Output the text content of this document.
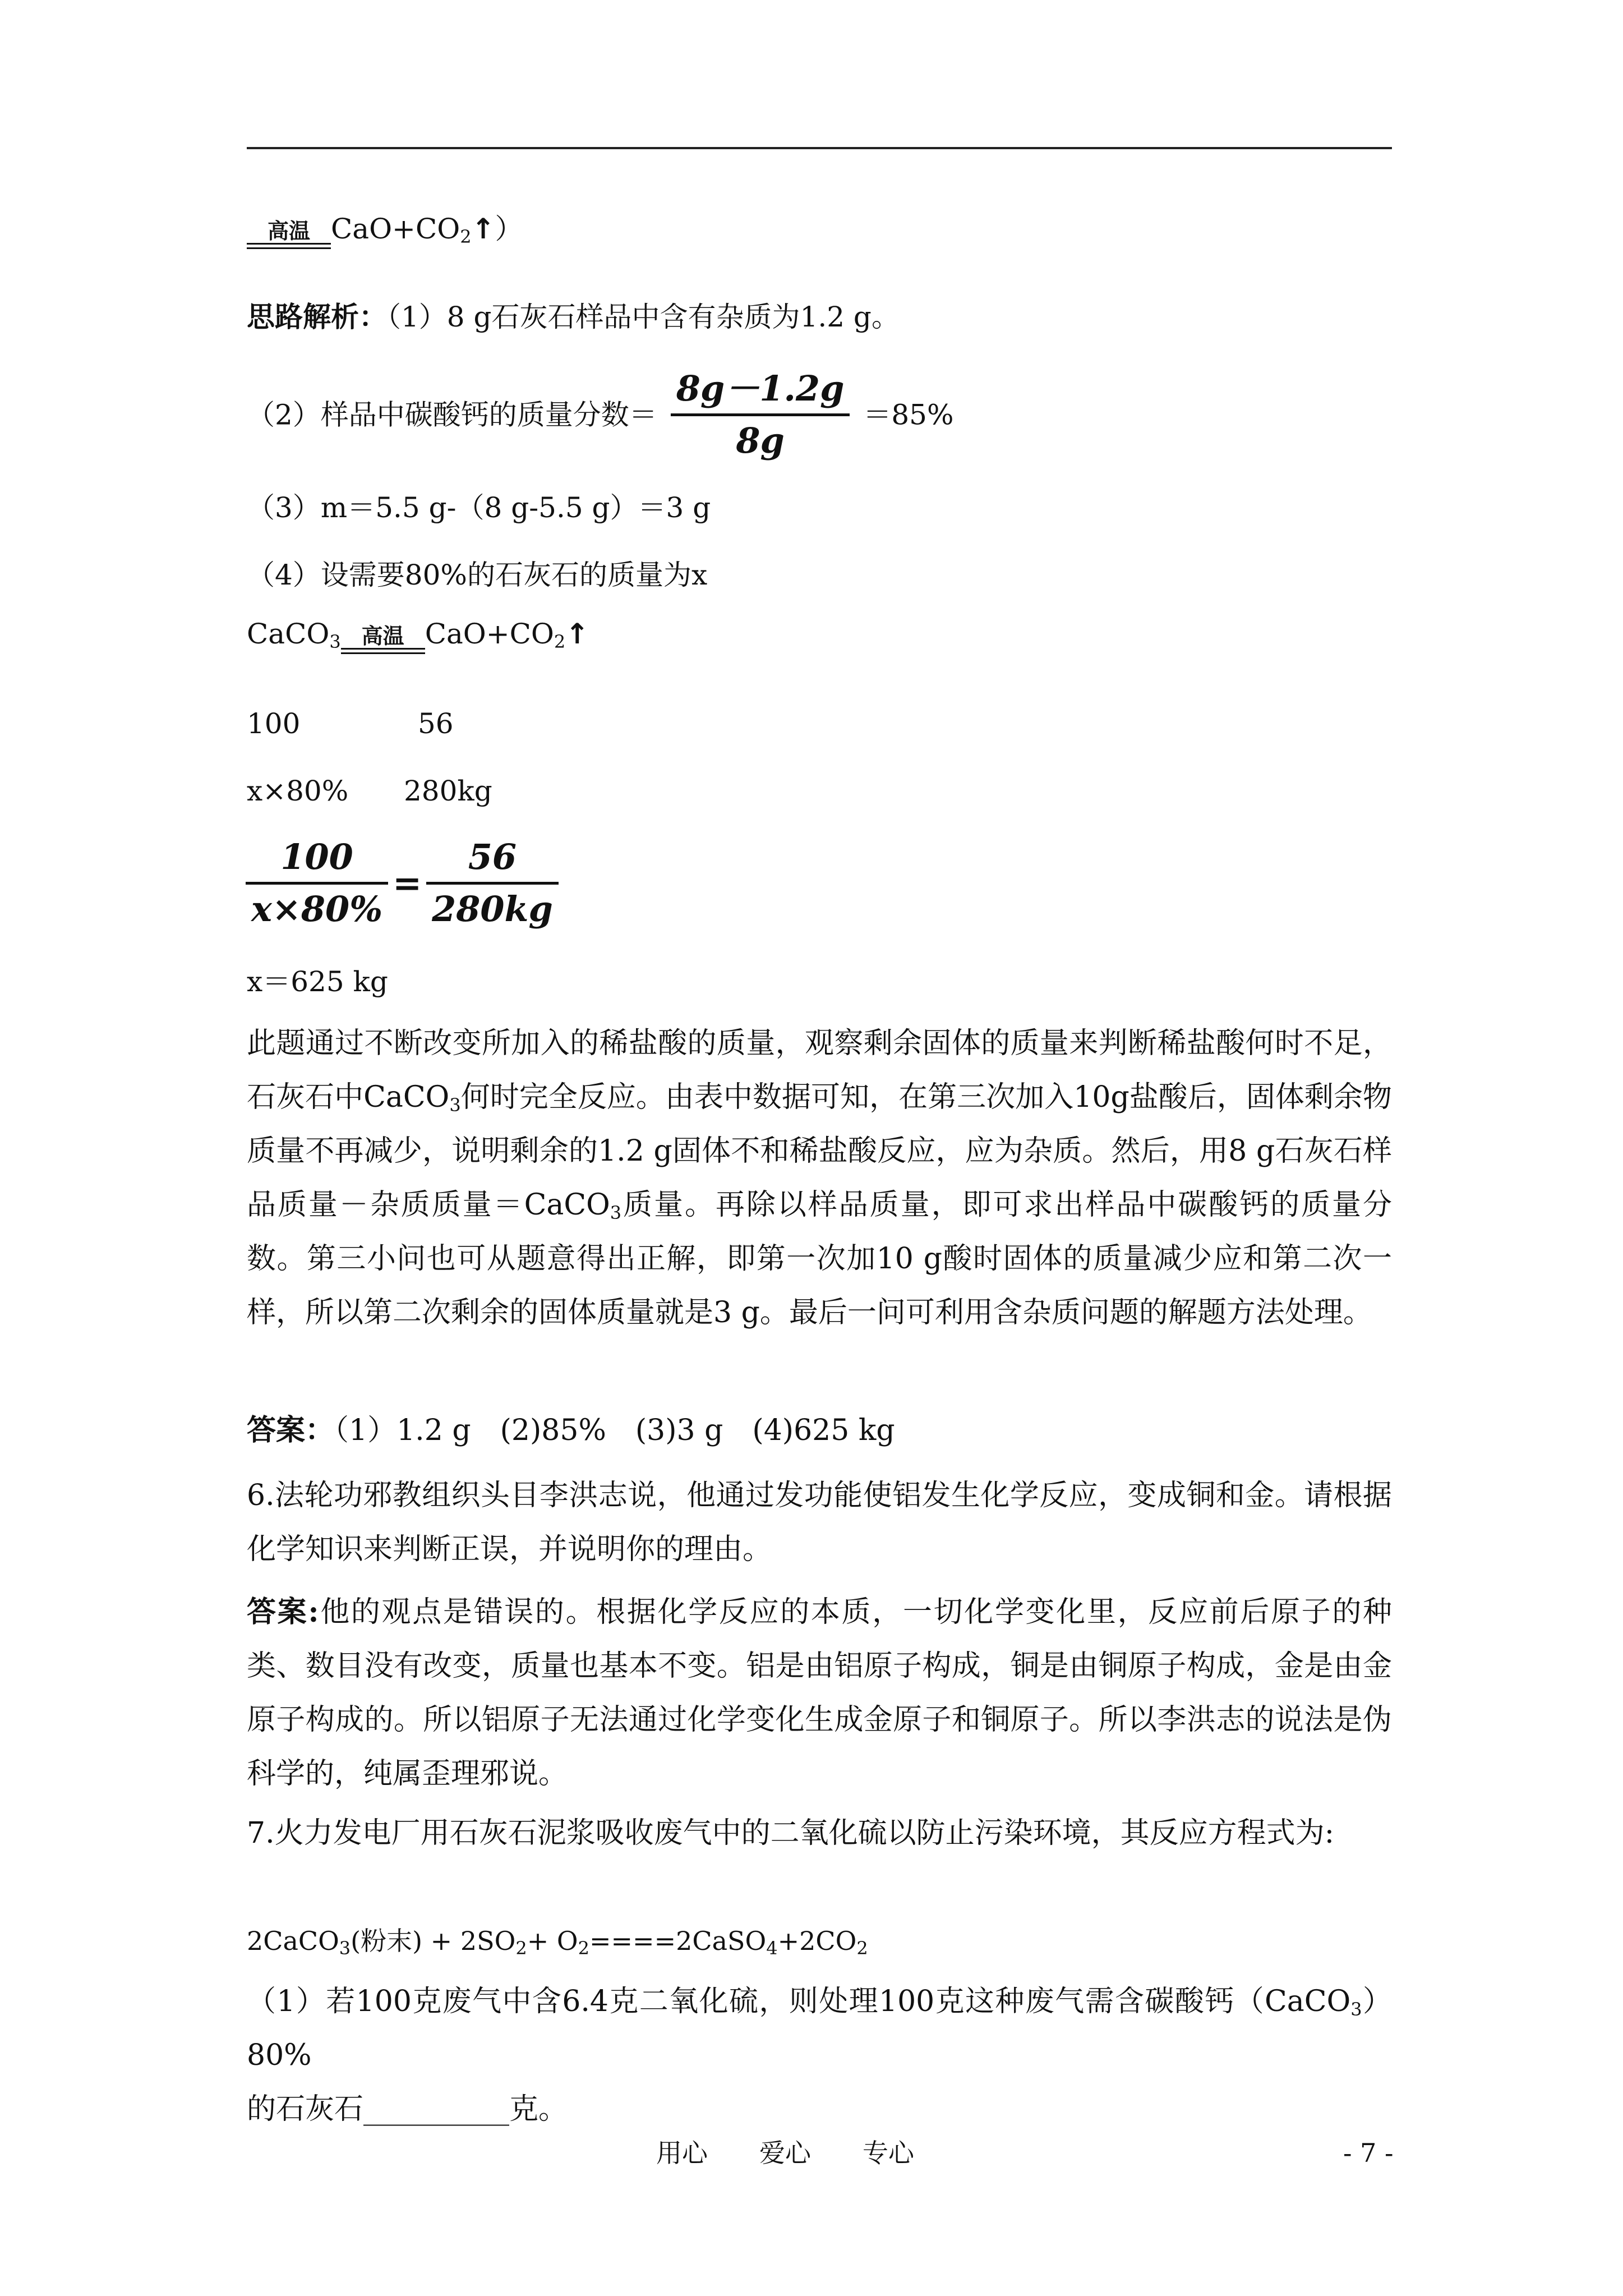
高温 $CaO+CO_2↑$）
思路解析：（1）8 g石灰石样品中含有杂质为1.2 g。
（2）样品中碳酸钙的质量分数＝ $\frac{8g-1.2g}{8g} =85\%$
（3）m＝5.5 g-（8 g-5.5 g）＝3 g
（4）设需要80%的石灰石的质量为x
CaCO$_3$ 高温 $CaO+CO_2↑$
100	56
x×80% 280kg
$\frac{100}{x\times 80\%} = \frac{56}{280kg}$
x＝625 kg
此题通过不断改变所加入的稀盐酸的质量，观察剩余固体的质量来判断稀盐酸何时不足，石灰石中CaCO$_3$何时完全反应。由表中数据可知，在第三次加入10g盐酸后，固体剩余物质量不再减少，说明剩余的1.2 g固体不和稀盐酸反应，应为杂质。然后，用8 g石灰石样品质量－杂质质量＝CaCO$_3$质量。再除以样品质量，即可求出样品中碳酸钙的质量分数。第三小问也可从题意得出正解，即第一次加10 g酸时固体的质量减少应和第二次一样，所以第二次剩余的固体质量就是3 g。最后一问可利用含杂质问题的解题方法处理。
答案：（1）1.2 g　(2)85%　(3)3 g　(4)625 kg
6.法轮功邪教组织头目李洪志说，他通过发功能使铝发生化学反应，变成铜和金。请根据化学知识来判断正误，并说明你的理由。
答案:他的观点是错误的。根据化学反应的本质，一切化学变化里，反应前后原子的种类、数目没有改变，质量也基本不变。铝是由铝原子构成，铜是由铜原子构成，金是由金原子构成的。所以铝原子无法通过化学变化生成金原子和铜原子。所以李洪志的说法是伪科学的，纯属歪理邪说。
7.火力发电厂用石灰石泥浆吸收废气中的二氧化硫以防止污染环境，其反应方程式为:
2CaCO$_3$(粉末) + $2SO_2+$ $O_2====2CaSO_4+2CO_2$
（1）若100克废气中含6.4克二氧化硫，则处理100克这种废气需含碳酸钙（CaCO$_3$）80%
的石灰石__________克。
用心　　爱心　　专心	- 7 -
